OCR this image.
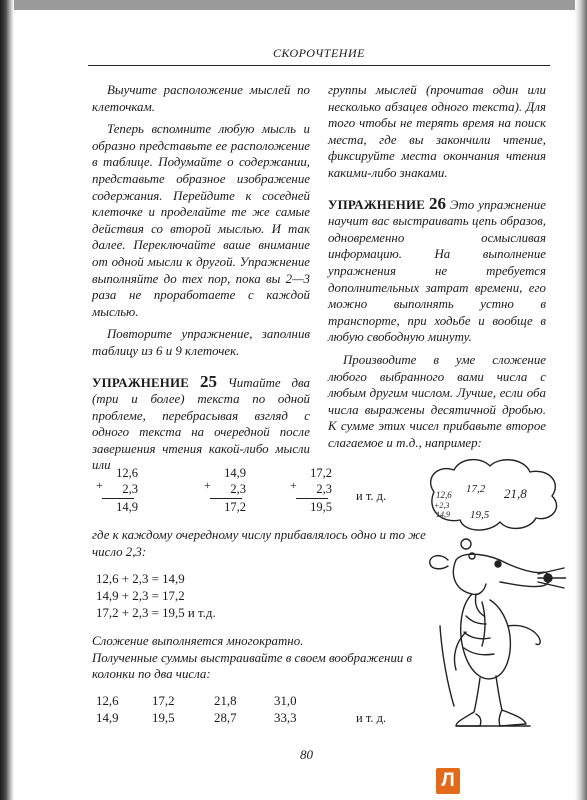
СКОРОЧТЕНИЕ

Выучите расположение мыслей по клеточкам.

Теперь вспомните любую мысль и образно представьте ее расположение в таблице. Подумайте о содержании, представьте образное изображение содержания. Перейдите к соседней клеточке и проделайте те же самые действия со второй мыслью. И так далее. Переключайте ваше внимание от одной мысли к другой. Упражнение выполняйте до тех пор, пока вы 2—3 раза не проработаете с каждой мыслью.

Повторите упражнение, заполнив таблицу из 6 и 9 клеточек.

УПРАЖНЕНИЕ 25 Читайте два (три и более) текста по одной проблеме, перебрасывая взгляд с одного текста на очередной после завершения чтения какой-либо мысли или

группы мыслей (прочитав один или несколько абзацев одного текста). Для того чтобы не терять время на поиск места, где вы закончили чтение, фиксируйте места окончания чтения какими-либо знаками.

УПРАЖНЕНИЕ 26 Это упражнение научит вас выстраивать цепь образов, одновременно осмысливая информацию. На выполнение упражнения не требуется дополнительных затрат времени, его можно выполнять устно в транспорте, при ходьбе и вообще в любую свободную минуту.

Производите в уме сложение любого выбранного вами числа с любым другим числом. Лучше, если оба числа выражены десятичной дробью. К сумме этих чисел прибавьте второе слагаемое и т.д., например:

+
12,6
2,3
14,9
+
14,9
2,3
17,2
+
17,2
2,3
19,5
и т. д.
где к каждому очередному числу прибавлялось одно и то же число 2,3:
12,6 + 2,3 = 14,9
14,9 + 2,3 = 17,2
17,2 + 2,3 = 19,5 и т.д.

Сложение выполняется многократно.

Полученные суммы выстраивайте в своем воображении в колонки по два числа:

12,6	17,2	21,8	31,0
14,9	19,5	28,7	33,3	и т. д.
12,6
+2,3
14,9
17,2 21,8
19,5
80
Л
